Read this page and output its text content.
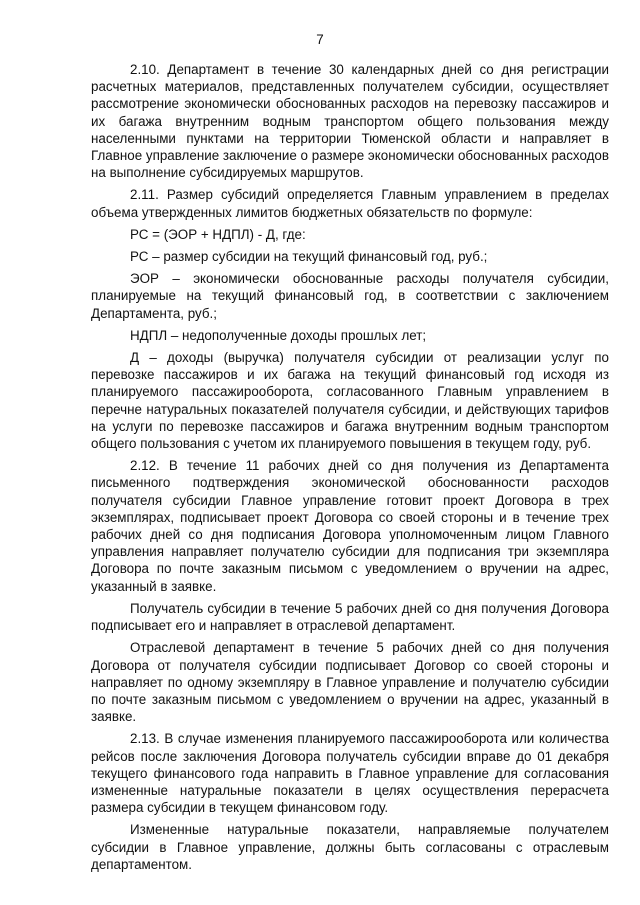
7

2.10. Департамент в течение 30 календарных дней со дня регистрации расчетных материалов, представленных получателем субсидии, осуществляет рассмотрение экономически обоснованных расходов на перевозку пассажиров и их багажа внутренним водным транспортом общего пользования между населенными пунктами на территории Тюменской области и направляет в Главное управление заключение о размере экономически обоснованных расходов на выполнение субсидируемых маршрутов.

2.11. Размер субсидий определяется Главным управлением в пределах объема утвержденных лимитов бюджетных обязательств по формуле:

РС = (ЭОР + НДПЛ) - Д, где:

РС – размер субсидии на текущий финансовый год, руб.;

ЭОР – экономически обоснованные расходы получателя субсидии, планируемые на текущий финансовый год, в соответствии с заключением Департамента, руб.;

НДПЛ – недополученные доходы прошлых лет;

Д – доходы (выручка) получателя субсидии от реализации услуг по перевозке пассажиров и их багажа на текущий финансовый год исходя из планируемого пассажирооборота, согласованного Главным управлением в перечне натуральных показателей получателя субсидии, и действующих тарифов на услуги по перевозке пассажиров и багажа внутренним водным транспортом общего пользования с учетом их планируемого повышения в текущем году, руб.

2.12. В течение 11 рабочих дней со дня получения из Департамента письменного подтверждения экономической обоснованности расходов получателя субсидии Главное управление готовит проект Договора в трех экземплярах, подписывает проект Договора со своей стороны и в течение трех рабочих дней со дня подписания Договора уполномоченным лицом Главного управления направляет получателю субсидии для подписания три экземпляра Договора по почте заказным письмом с уведомлением о вручении на адрес, указанный в заявке.

Получатель субсидии в течение 5 рабочих дней со дня получения Договора подписывает его и направляет в отраслевой департамент.

Отраслевой департамент в течение 5 рабочих дней со дня получения Договора от получателя субсидии подписывает Договор со своей стороны и направляет по одному экземпляру в Главное управление и получателю субсидии по почте заказным письмом с уведомлением о вручении на адрес, указанный в заявке.

2.13. В случае изменения планируемого пассажирооборота или количества рейсов после заключения Договора получатель субсидии вправе до 01 декабря текущего финансового года направить в Главное управление для согласования измененные натуральные показатели в целях осуществления перерасчета размера субсидии в текущем финансовом году.

Измененные натуральные показатели, направляемые получателем субсидии в Главное управление, должны быть согласованы с отраслевым департаментом.
